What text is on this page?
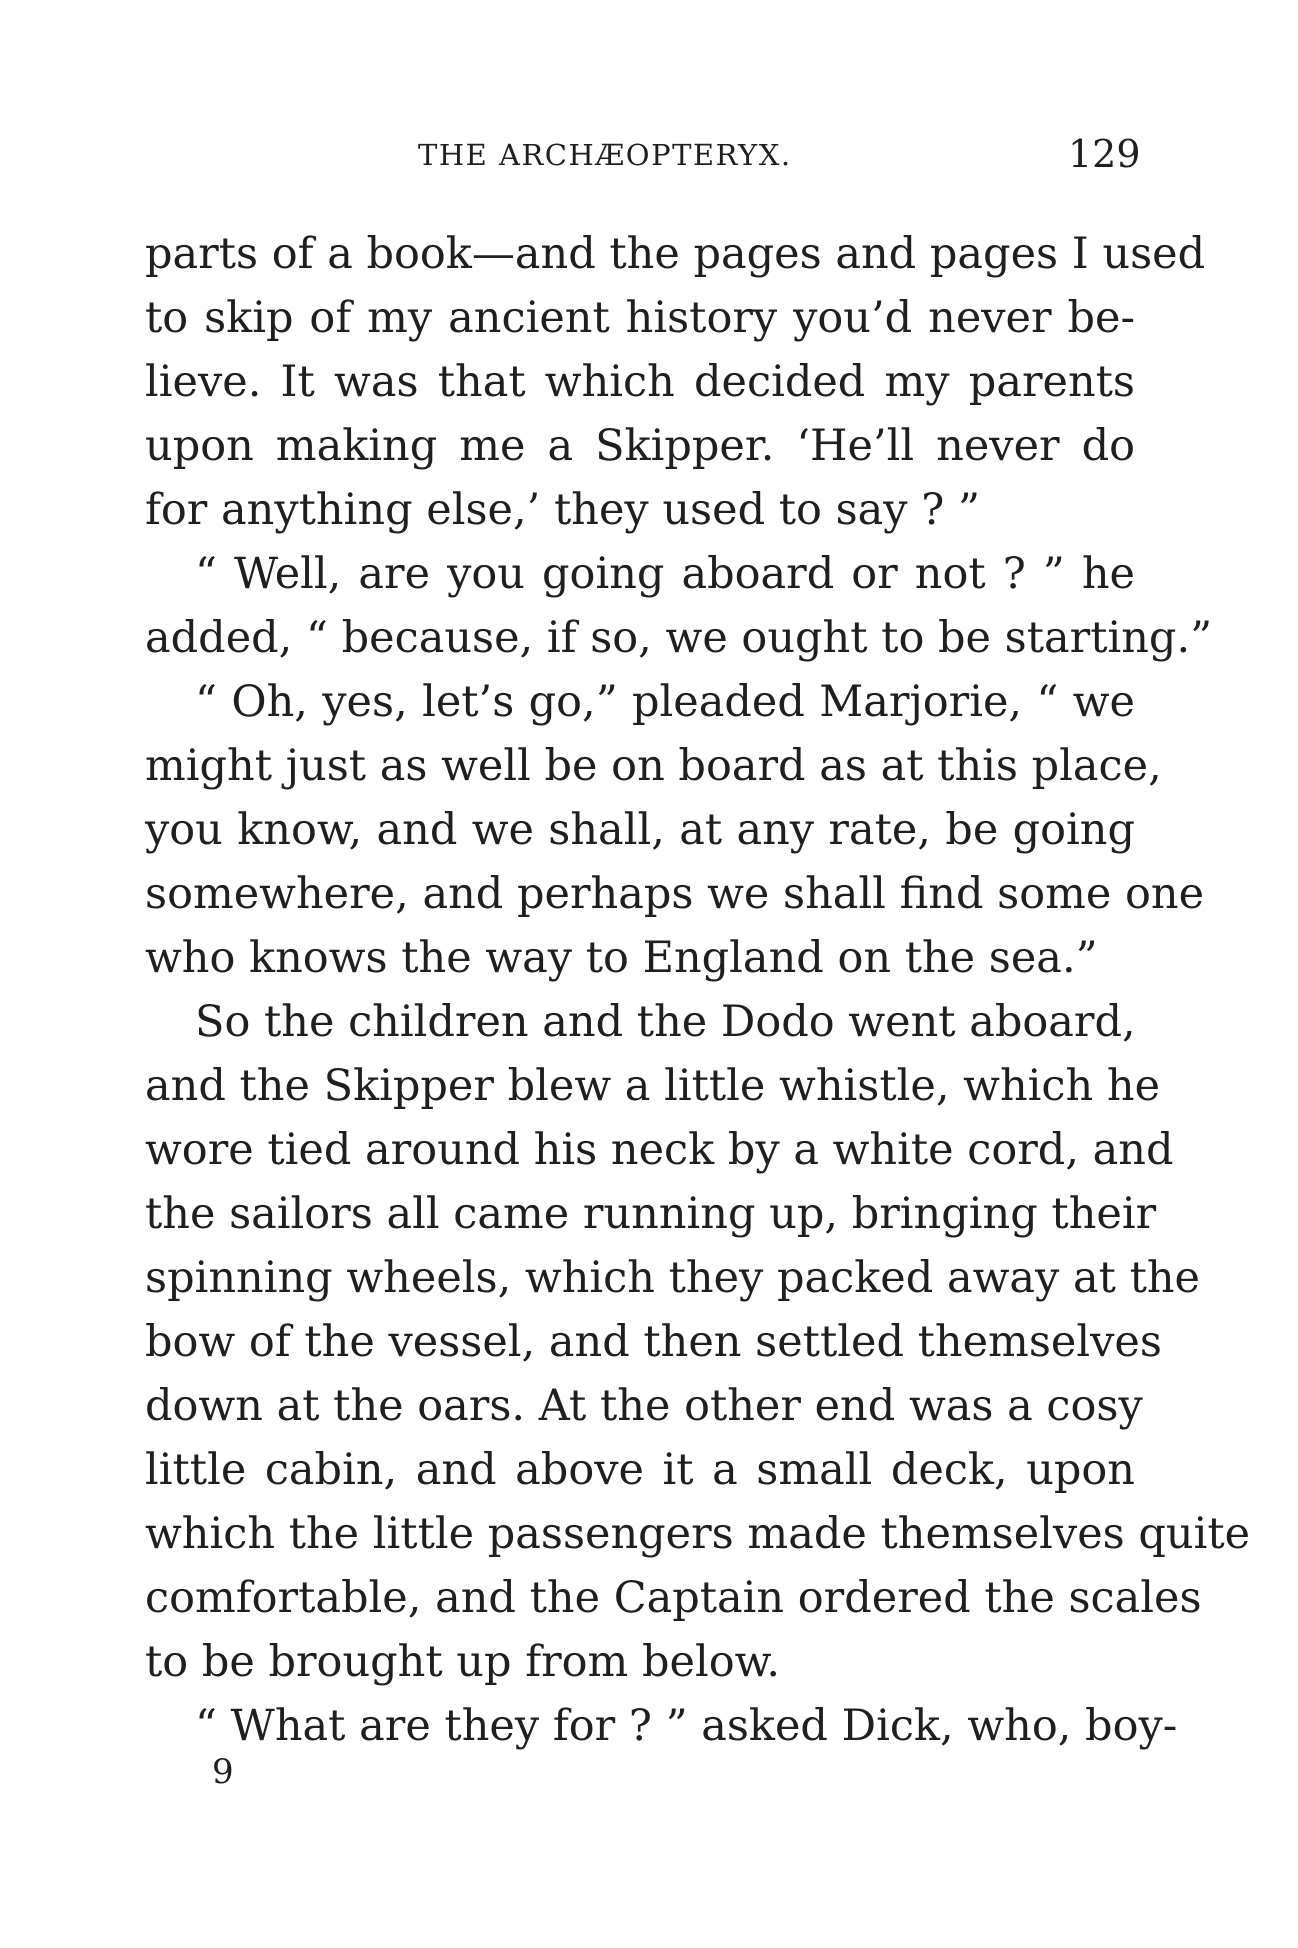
THE ARCHÆOPTERYX.	129
parts of a book—and the pages and pages I used
to skip of my ancient history you’d never be-
lieve. It was that which decided my parents
upon making me a Skipper. ‘He’ll never do
for anything else,’ they used to say ? ”
“ Well, are you going aboard or not ? ” he
added, “ because, if so, we ought to be starting.”
“ Oh, yes, let’s go,” pleaded Marjorie, “ we
might just as well be on board as at this place,
you know, and we shall, at any rate, be going
somewhere, and perhaps we shall find some one
who knows the way to England on the sea.”
So the children and the Dodo went aboard,
and the Skipper blew a little whistle, which he
wore tied around his neck by a white cord, and
the sailors all came running up, bringing their
spinning wheels, which they packed away at the
bow of the vessel, and then settled themselves
down at the oars. At the other end was a cosy
little cabin, and above it a small deck, upon
which the little passengers made themselves quite
comfortable, and the Captain ordered the scales
to be brought up from below.
“ What are they for ? ” asked Dick, who, boy-
9
